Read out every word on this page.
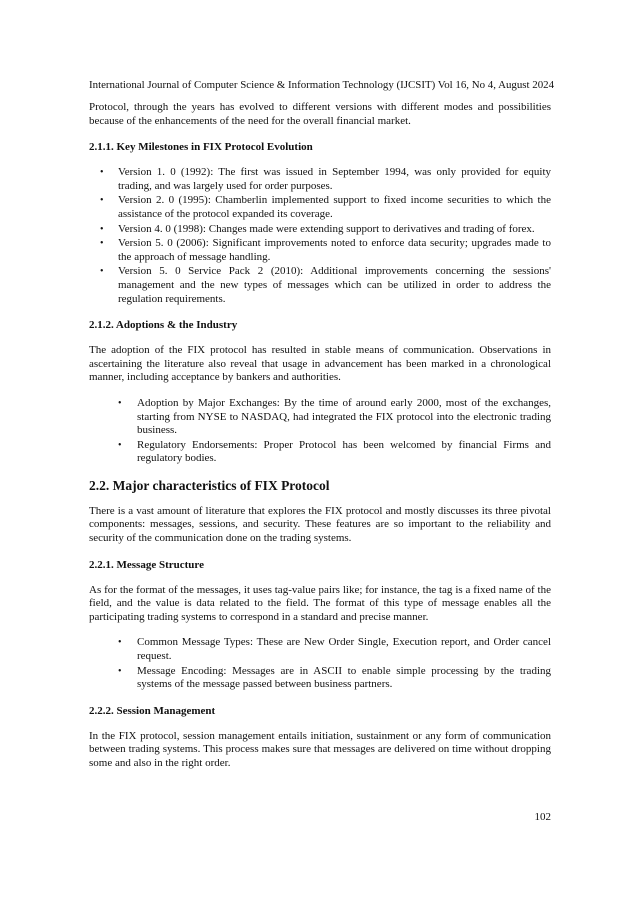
International Journal of Computer Science & Information Technology (IJCSIT) Vol 16, No 4, August 2024

Protocol, through the years has evolved to different versions with different modes and possibilities because of the enhancements of the need for the overall financial market.

2.1.1. Key Milestones in FIX Protocol Evolution
• Version 1. 0 (1992): The first was issued in September 1994, was only provided for equity trading, and was largely used for order purposes.
• Version 2. 0 (1995): Chamberlin implemented support to fixed income securities to which the assistance of the protocol expanded its coverage.
• Version 4. 0 (1998): Changes made were extending support to derivatives and trading of forex.
• Version 5. 0 (2006): Significant improvements noted to enforce data security; upgrades made to the approach of message handling.
• Version 5. 0 Service Pack 2 (2010): Additional improvements concerning the sessions' management and the new types of messages which can be utilized in order to address the regulation requirements.
2.1.2. Adoptions & the Industry

The adoption of the FIX protocol has resulted in stable means of communication. Observations in ascertaining the literature also reveal that usage in advancement has been marked in a chronological manner, including acceptance by bankers and authorities.

• Adoption by Major Exchanges: By the time of around early 2000, most of the exchanges, starting from NYSE to NASDAQ, had integrated the FIX protocol into the electronic trading business.
• Regulatory Endorsements: Proper Protocol has been welcomed by financial Firms and regulatory bodies.
2.2. Major characteristics of FIX Protocol

There is a vast amount of literature that explores the FIX protocol and mostly discusses its three pivotal components: messages, sessions, and security. These features are so important to the reliability and security of the communication done on the trading systems.

2.2.1. Message Structure

As for the format of the messages, it uses tag-value pairs like; for instance, the tag is a fixed name of the field, and the value is data related to the field. The format of this type of message enables all the participating trading systems to correspond in a standard and precise manner.

• Common Message Types: These are New Order Single, Execution report, and Order cancel request.
• Message Encoding: Messages are in ASCII to enable simple processing by the trading systems of the message passed between business partners.
2.2.2. Session Management

In the FIX protocol, session management entails initiation, sustainment or any form of communication between trading systems. This process makes sure that messages are delivered on time without dropping some and also in the right order.

102
